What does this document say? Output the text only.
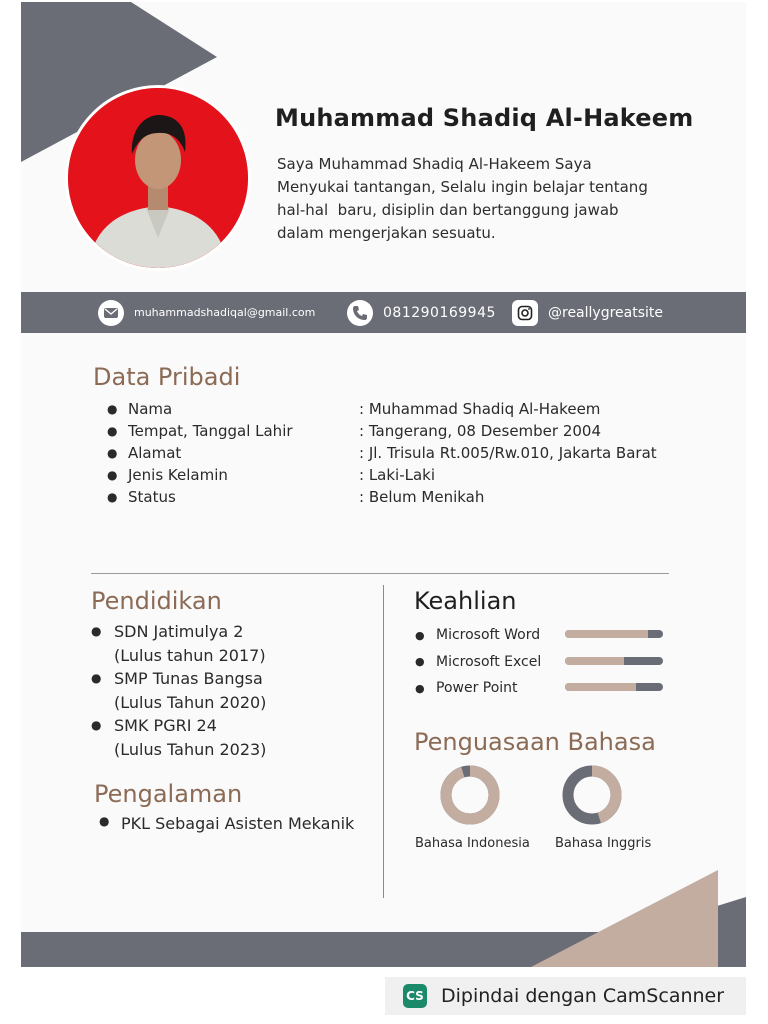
Muhammad Shadiq Al-Hakeem
Saya Muhammad Shadiq Al-Hakeem Saya
Menyukai tantangan, Selalu ingin belajar tentang
hal-hal  baru, disiplin dan bertanggung jawab
dalam mengerjakan sesuatu.
muhammadshadiqal@gmail.com	081290169945	@reallygreatsite
Data Pribadi
● Nama	: Muhammad Shadiq Al-Hakeem
● Tempat, Tanggal Lahir	: Tangerang, 08 Desember 2004
● Alamat	: Jl. Trisula Rt.005/Rw.010, Jakarta Barat
● Jenis Kelamin	: Laki-Laki
● Status	: Belum Menikah
Pendidikan
● SDN Jatimulya 2
(Lulus tahun 2017)
● SMP Tunas Bangsa
(Lulus Tahun 2020)
● SMK PGRI 24
(Lulus Tahun 2023)
Pengalaman
● PKL Sebagai Asisten Mekanik
Keahlian
● Microsoft Word
● Microsoft Excel
● Power Point
Penguasaan Bahasa
Bahasa Indonesia Bahasa Inggris
CS Dipindai dengan CamScanner
